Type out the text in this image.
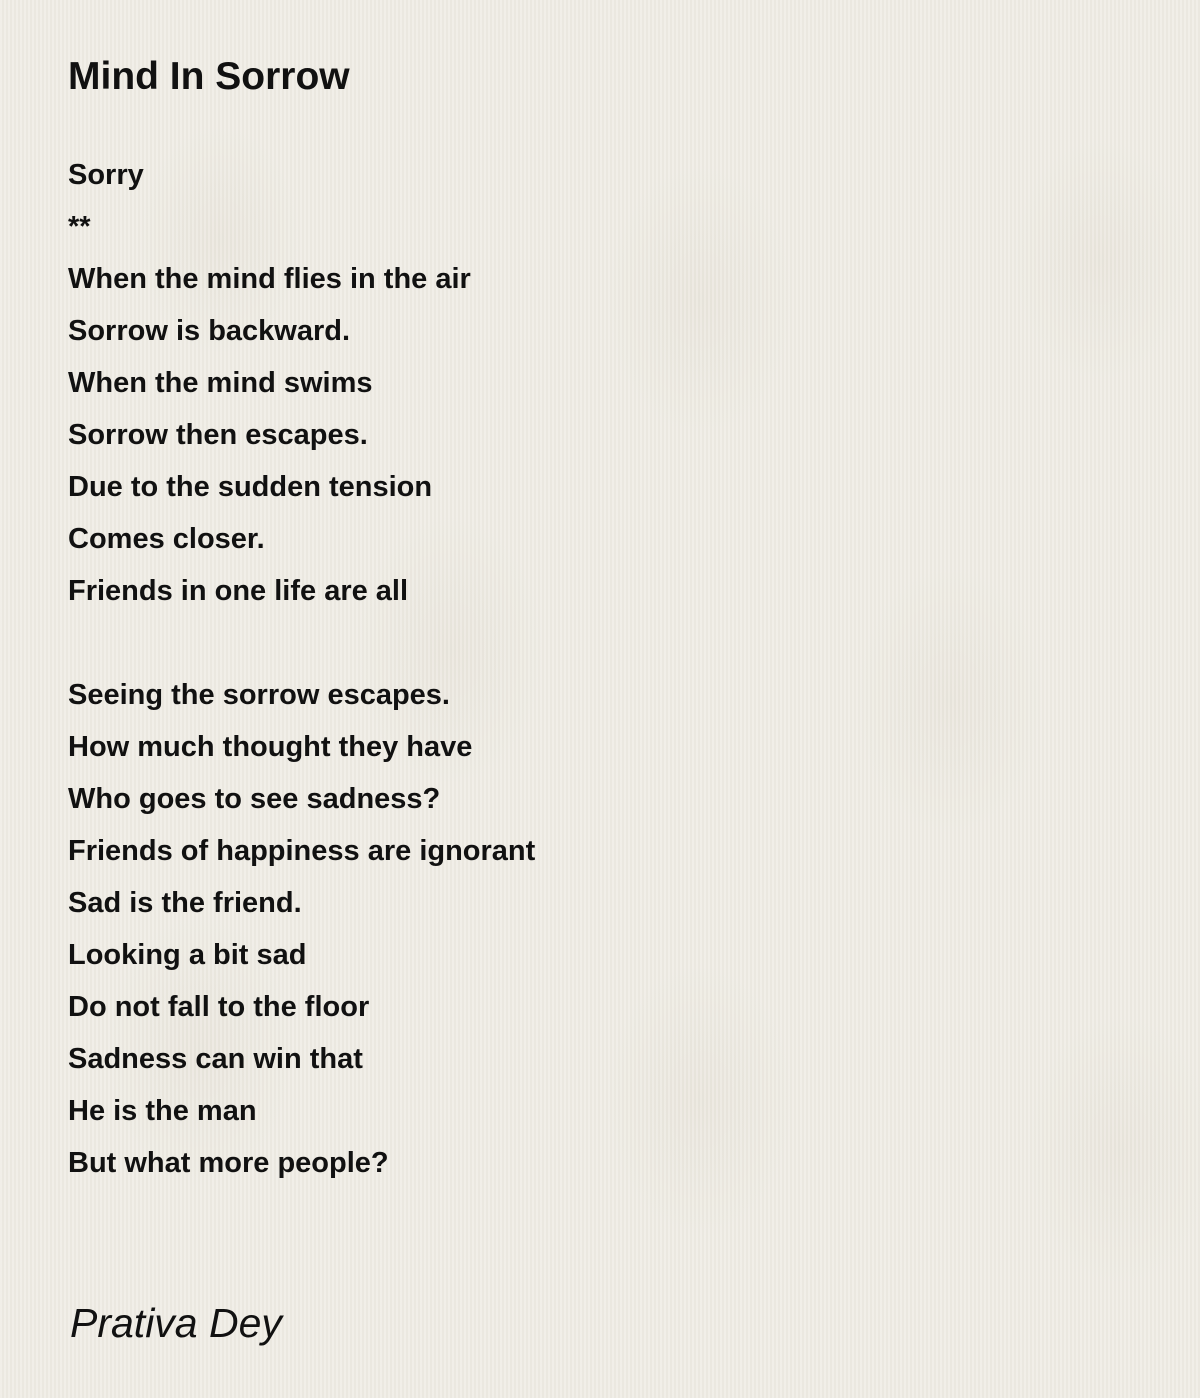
Mind In Sorrow
Sorry
**
When the mind flies in the air
Sorrow is backward.
When the mind swims
Sorrow then escapes.
Due to the sudden tension
Comes closer.
Friends in one life are all
Seeing the sorrow escapes.
How much thought they have
Who goes to see sadness?
Friends of happiness are ignorant
Sad is the friend.
Looking a bit sad
Do not fall to the floor
Sadness can win that
He is the man
But what more people?

Prativa Dey
